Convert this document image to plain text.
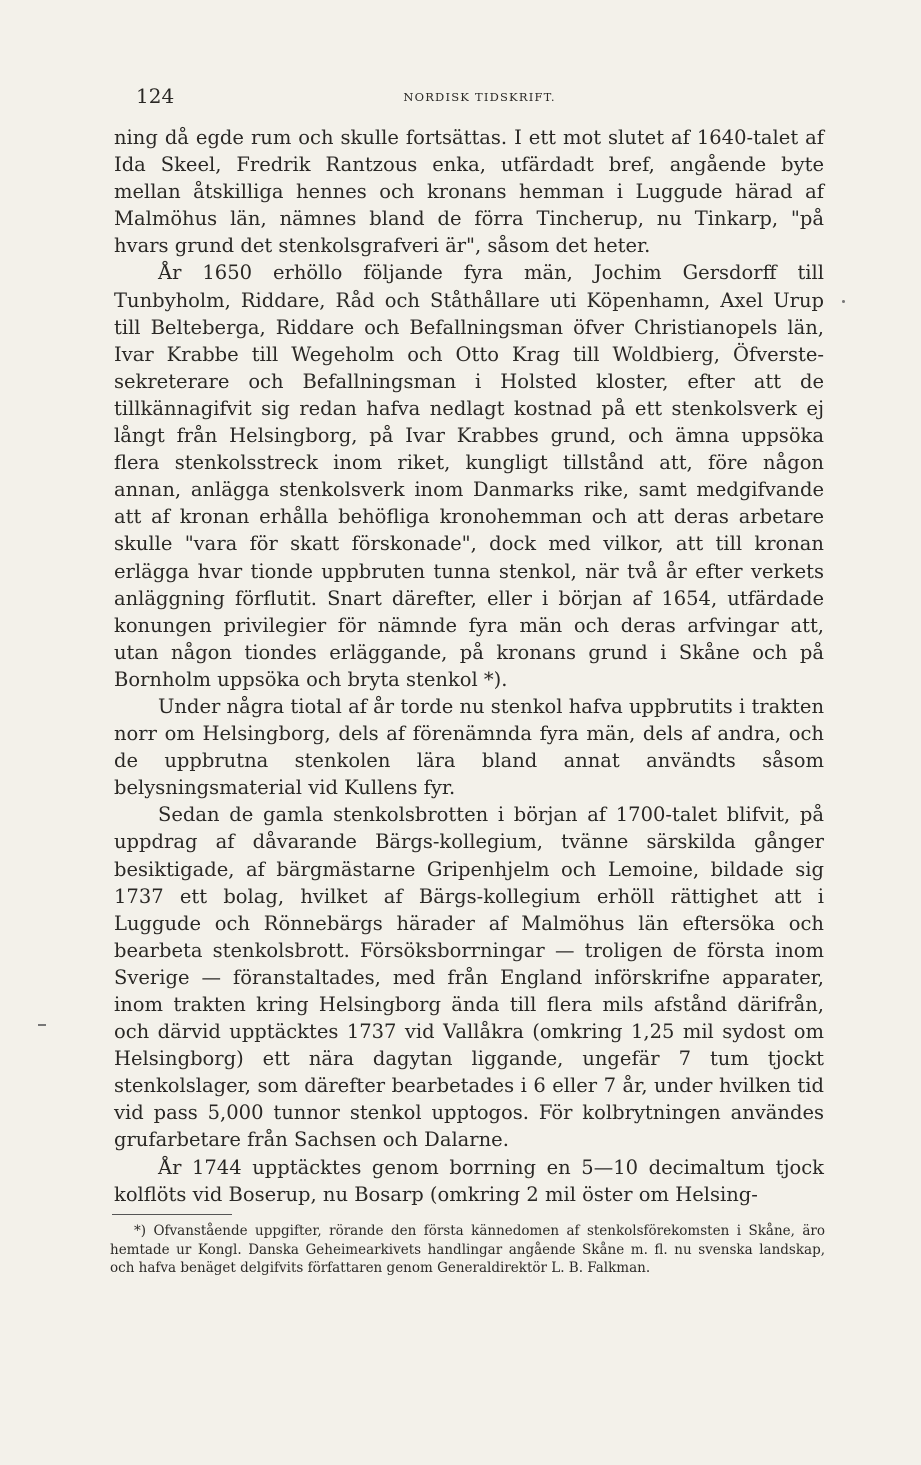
124	NORDISK TIDSKRIFT.

ning då egde rum och skulle fortsättas. I ett mot slutet af 1640-talet af Ida Skeel, Fredrik Rantzous enka, utfärdadt bref, angående byte mellan åtskilliga hennes och kronans hemman i Luggude härad af Malmöhus län, nämnes bland de förra Tincherup, nu Tinkarp, "på hvars grund det stenkolsgrafveri är", såsom det heter.

År 1650 erhöllo följande fyra män, Jochim Gersdorff till Tunbyholm, Riddare, Råd och Ståthållare uti Köpenhamn, Axel Urup till Belteberga, Riddare och Befallningsman öfver Christianopels län, Ivar Krabbe till Wegeholm och Otto Krag till Woldbierg, Öfverste-sekreterare och Befallningsman i Holsted kloster, efter att de tillkännagifvit sig redan hafva nedlagt kostnad på ett stenkolsverk ej långt från Helsingborg, på Ivar Krabbes grund, och ämna uppsöka flera stenkolsstreck inom riket, kungligt tillstånd att, före någon annan, anlägga stenkolsverk inom Danmarks rike, samt medgifvande att af kronan erhålla behöfliga kronohemman och att deras arbetare skulle "vara för skatt förskonade", dock med vilkor, att till kronan erlägga hvar tionde uppbruten tunna stenkol, när två år efter verkets anläggning förflutit. Snart därefter, eller i början af 1654, utfärdade konungen privilegier för nämnde fyra män och deras arfvingar att, utan någon tiondes erläggande, på kronans grund i Skåne och på Bornholm uppsöka och bryta stenkol *).

Under några tiotal af år torde nu stenkol hafva uppbrutits i trakten norr om Helsingborg, dels af förenämnda fyra män, dels af andra, och de uppbrutna stenkolen lära bland annat användts såsom belysningsmaterial vid Kullens fyr.

Sedan de gamla stenkolsbrotten i början af 1700-talet blifvit, på uppdrag af dåvarande Bärgs-kollegium, tvänne särskilda gånger besiktigade, af bärgmästarne Gripenhjelm och Lemoine, bildade sig 1737 ett bolag, hvilket af Bärgs-kollegium erhöll rättighet att i Luggude och Rönnebärgs härader af Malmöhus län eftersöka och bearbeta stenkolsbrott. Försöksborrningar — troligen de första inom Sverige — föranstaltades, med från England införskrifne apparater, inom trakten kring Helsingborg ända till flera mils afstånd därifrån, och därvid upptäcktes 1737 vid Vallåkra (omkring 1,25 mil sydost om Helsingborg) ett nära dagytan liggande, ungefär 7 tum tjockt stenkolslager, som därefter bearbetades i 6 eller 7 år, under hvilken tid vid pass 5,000 tunnor stenkol upptogos. För kolbrytningen användes grufarbetare från Sachsen och Dalarne.

År 1744 upptäcktes genom borrning en 5—10 decimaltum tjock kolflöts vid Boserup, nu Bosarp (omkring 2 mil öster om Helsing-

*) Ofvanstående uppgifter, rörande den första kännedomen af stenkolsförekomsten i Skåne, äro hemtade ur Kongl. Danska Geheimearkivets handlingar angående Skåne m. fl. nu svenska landskap, och hafva benäget delgifvits författaren genom Generaldirektör L. B. Falkman.
